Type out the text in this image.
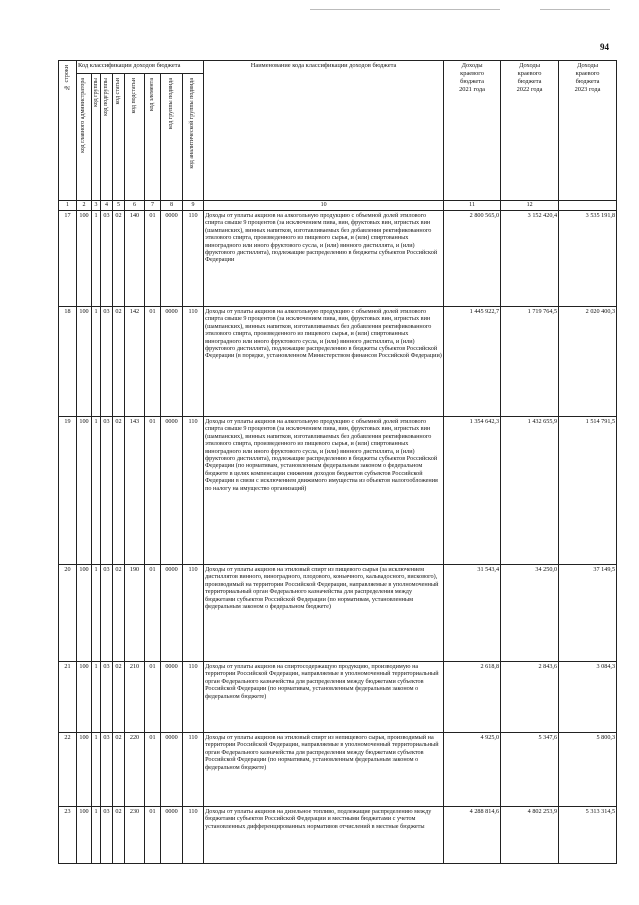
94
№ строки	Код классификации доходов бюджета								Наименование кода классификации доходов бюджета	Доходы
краевого
бюджета
2021 года	Доходы
краевого
бюджета
2022 года	Доходы
краевого
бюджета
2023 года

	код главного администратора	код группы	код подгруппы	код статьи	код подстатьи	код элемента	код группы подвида	код аналитической группы подвида				

1	2	3	4	5	6	7	8	9	10	11	12	
17	100	1	03	02	140	01	0000	110	Доходы от уплаты акцизов на алкогольную продукцию с объемной долей этилового спирта свыше 9 процентов (за исключением пива, вин, фруктовых вин, игристых вин (шампанских), винных напитков, изготавливаемых без добавления ректификованного этилового спирта, произведенного из пищевого сырья, и (или) спиртованных виноградного или иного фруктового сусла, и (или) винного дистиллята, и (или) фруктового дистиллята), подлежащие распределению в бюджеты субъектов Российской Федерации	2 800 565,0	3 152 420,4	3 535 191,8
18	100	1	03	02	142	01	0000	110	Доходы от уплаты акцизов на алкогольную продукцию с объемной долей этилового спирта свыше 9 процентов (за исключением пива, вин, фруктовых вин, игристых вин (шампанских), винных напитков, изготавливаемых без добавления ректификованного этилового спирта, произведенного из пищевого сырья, и (или) спиртованных виноградного или иного фруктового сусла, и (или) винного дистиллята, и (или) фруктового дистиллята), подлежащие распределению в бюджеты субъектов Российской Федерации (в порядке, установленном Министерством финансов Российской Федерации)	1 445 922,7	1 719 764,5	2 020 400,3
19	100	1	03	02	143	01	0000	110	Доходы от уплаты акцизов на алкогольную продукцию с объемной долей этилового спирта свыше 9 процентов (за исключением пива, вин, фруктовых вин, игристых вин (шампанских), винных напитков, изготавливаемых без добавления ректификованного этилового спирта, произведенного из пищевого сырья, и (или) спиртованных виноградного или иного фруктового сусла, и (или) винного дистиллята, и (или) фруктового дистиллята), подлежащие распределению в бюджеты субъектов Российской Федерации (по нормативам, установленным федеральным законом о федеральном бюджете в целях компенсации снижения доходов бюджетов субъектов Российской Федерации в связи с исключением движимого имущества из объектов налогообложения по налогу на имущество организаций)	1 354 642,3	1 432 655,9	1 514 791,5
20	100	1	03	02	190	01	0000	110	Доходы от уплаты акцизов на этиловый спирт из пищевого сырья (за исключением дистиллятов винного, виноградного, плодового, коньячного, кальвадосного, вискового), производимый на территории Российской Федерации, направляемые в уполномоченный территориальный орган Федерального казначейства для распределения между бюджетами субъектов Российской Федерации (по нормативам, установленным федеральным законом о федеральном бюджете)	31 543,4	34 250,0	37 149,5
21	100	1	03	02	210	01	0000	110	Доходы от уплаты акцизов на спиртосодержащую продукцию, производимую на территории Российской Федерации, направляемые в уполномоченный территориальный орган Федерального казначейства для распределения между бюджетами субъектов Российской Федерации (по нормативам, установленным федеральным законом о федеральном бюджете)	2 618,8	2 843,6	3 084,3
22	100	1	03	02	220	01	0000	110	Доходы от уплаты акцизов на этиловый спирт из непищевого сырья, производимый на территории Российской Федерации, направляемые в уполномоченный территориальный орган Федерального казначейства для распределения между бюджетами субъектов Российской Федерации (по нормативам, установленным федеральным законом о федеральном бюджете)	4 925,0	5 347,6	5 800,3
23	100	1	03	02	230	01	0000	110	Доходы от уплаты акцизов на дизельное топливо, подлежащие распределению между бюджетами субъектов Российской Федерации и местными бюджетами с учетом установленных дифференцированных нормативов отчислений в местные бюджеты	4 288 814,6	4 802 253,9	5 313 314,5
